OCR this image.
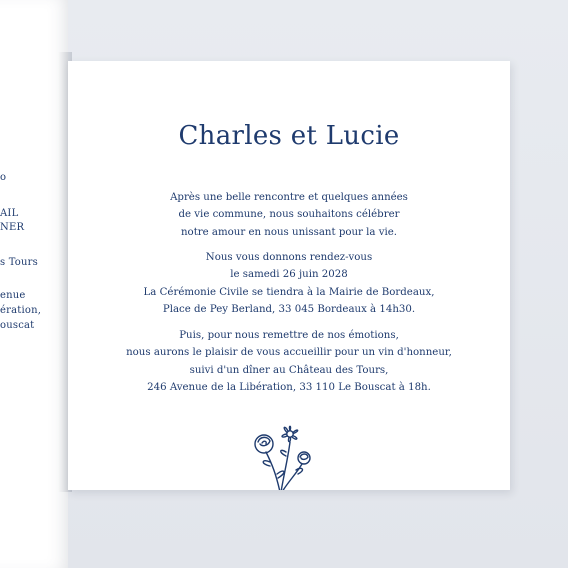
o
AIL
NER
s Tours
enue
ération,
ouscat
Charles et Lucie
Après une belle rencontre et quelques années
de vie commune, nous souhaitons célébrer
notre amour en nous unissant pour la vie.
Nous vous donnons rendez-vous
le samedi 26 juin 2028
La Cérémonie Civile se tiendra à la Mairie de Bordeaux,
Place de Pey Berland, 33 045 Bordeaux à 14h30.
Puis, pour nous remettre de nos émotions,
nous aurons le plaisir de vous accueillir pour un vin d'honneur,
suivi d'un dîner au Château des Tours,
246 Avenue de la Libération, 33 110 Le Bouscat à 18h.
